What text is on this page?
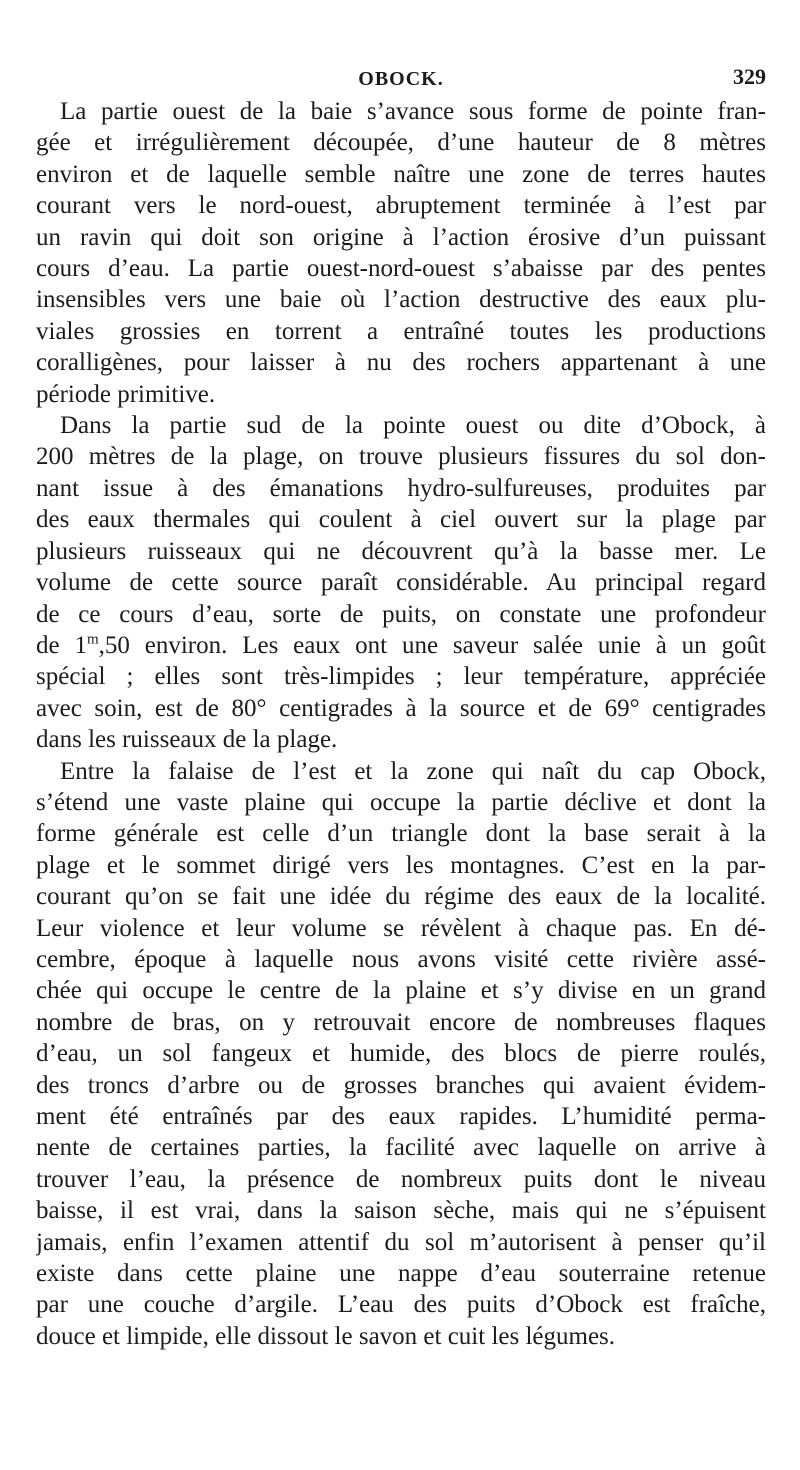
OBOCK.	329
La partie ouest de la baie s’avance sous forme de pointe fran-
gée et irrégulièrement découpée, d’une hauteur de 8 mètres
environ et de laquelle semble naître une zone de terres hautes
courant vers le nord-ouest, abruptement terminée à l’est par
un ravin qui doit son origine à l’action érosive d’un puissant
cours d’eau. La partie ouest-nord-ouest s’abaisse par des pentes
insensibles vers une baie où l’action destructive des eaux plu-
viales grossies en torrent a entraîné toutes les productions
coralligènes, pour laisser à nu des rochers appartenant à une
période primitive.
Dans la partie sud de la pointe ouest ou dite d’Obock, à
200 mètres de la plage, on trouve plusieurs fissures du sol don-
nant issue à des émanations hydro-sulfureuses, produites par
des eaux thermales qui coulent à ciel ouvert sur la plage par
plusieurs ruisseaux qui ne découvrent qu’à la basse mer. Le
volume de cette source paraît considérable. Au principal regard
de ce cours d’eau, sorte de puits, on constate une profondeur
de 1$^m$,50 environ. Les eaux ont une saveur salée unie à un goût
spécial ; elles sont très-limpides ; leur température, appréciée
avec soin, est de 80° centigrades à la source et de 69° centigrades
dans les ruisseaux de la plage.
Entre la falaise de l’est et la zone qui naît du cap Obock,
s’étend une vaste plaine qui occupe la partie déclive et dont la
forme générale est celle d’un triangle dont la base serait à la
plage et le sommet dirigé vers les montagnes. C’est en la par-
courant qu’on se fait une idée du régime des eaux de la localité.
Leur violence et leur volume se révèlent à chaque pas. En dé-
cembre, époque à laquelle nous avons visité cette rivière assé-
chée qui occupe le centre de la plaine et s’y divise en un grand
nombre de bras, on y retrouvait encore de nombreuses flaques
d’eau, un sol fangeux et humide, des blocs de pierre roulés,
des troncs d’arbre ou de grosses branches qui avaient évidem-
ment été entraînés par des eaux rapides. L’humidité perma-
nente de certaines parties, la facilité avec laquelle on arrive à
trouver l’eau, la présence de nombreux puits dont le niveau
baisse, il est vrai, dans la saison sèche, mais qui ne s’épuisent
jamais, enfin l’examen attentif du sol m’autorisent à penser qu’il
existe dans cette plaine une nappe d’eau souterraine retenue
par une couche d’argile. L’eau des puits d’Obock est fraîche,
douce et limpide, elle dissout le savon et cuit les légumes.
